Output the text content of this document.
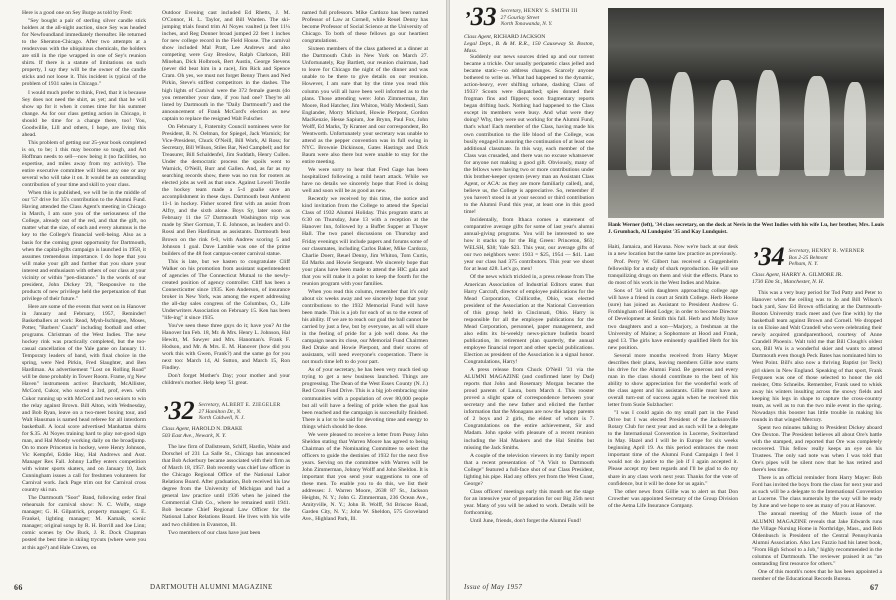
Here is a good one on Sey Burge as told by Fred:

"Sey bought a pair of sterling silver candle stick holders at the all-night auction, since Sey was headed for Newfoundland immediately thereafter. He returned to the Sheraton-Chicago. After two attempts at a rendezvous with the ubiquitous chemicals, the holders are still in the ripe wrapped in one of Sey's reunion shirts. If there is a statute of limitations on such property, I say they will be the owner of the candle sticks and not loose it. This incident is typical of the problem of 1931 sales in Chicago."

I would much prefer to think, Fred, that it is because Sey does not need the shirt, as yet; and that he will show up for it when it comes time for his summer change. As for our class getting action in Chicago, it should be time for a change there, too! You, Goodwillie, Lill and others, I hope, are living this ahead.

This problem of getting our 25-year book completed is on, to be; 1 this may become so tough, and Art Hoffman needs to sell—now being it (no facilities, no expertise, and miles away from my activity). The entire executive committee will bless any one or any several who will take it on. It would be an outstanding contribution of your time and skill to your class.

When this is published, we will be in the middle of our '57 drive for 35's contribution to the Alumni Fund. Having attended the Class Agent's meeting in Chicago in March, I am sure you of the seriousness of the College, already out of the red, and that the gift, no matter what the size, of each and every alumnus is the key to the College's financial well-being. Also as a basis for the coming great opportunity for Dartmouth, when the capital-gifts campaign is launched in 1958, it assumes tremendous importance. I do hope that you will make your gift and further that you share your interest and enthusiasm with others of our class at your vicinity or within "pen-distance." In the words of our president, John Dickey '29, "Responsive to the products of new privilege held the perpetuation of that privilege of their future."

Here are some of the events that went on in Hanover in January and February, 1957, Reminder! Basketballers at work: Read, Mysh-Ischingen, Moses, Potter, "Barbers' Coach" including football and other programs. Christman of the West Indies. The new hockey rink was practically completed, but the too-casual cancellation of the Yale game on January 11. Temporary leaders of band, with final choice in the spring, were Ned Pirkin, Fred Slaughter, and Ben Hardiman. As advertisement "Lost on Rolling Road" will be done probably in Tower Room. Frame, n'g New Haven" instruments active: Burchardt, McAllister, McCord, Cukor, who scored a 3rd, prof, even. with Cukor running up with McCord and two seniors to win the relay against Brown. Bill Alton, with Wednesday, and Bob Ryan, leave on a two-meet boxing tour, and Walt Hausman is named head referee for all interdorm basketball. A local score advertised Manhattan shirts for $.35. Al Noyes training hard to play not-good sign man, and Hal Moody working daily on the broadjump. On to more Princeton in hockey, were Henry Johnson, Vic Kempfel, Eddie Hay, Hal Andrews and Asst. Manager Rex Fall. Johnny Laffey enters competition with winter sports skaters, and on January 10, Jack Cunningham issues a call for freshmen volunteers for Carnival work. Jack Page trim out for Carnival cross country ski run.

The Dartmouth "Soot" Band, following order final rehearsals for carnival show: N. C. Wolfe, stage manager; G. H. Gilpatrick, property manager; G. E. Frankel, lighting manager; M. Kamaik, scenic manager; original songs by R. H. Borrill and Joe Linn; comic scenes by Ow Buck, J. R. Dock Chapman posted the best time in skiing trycuts (where were you at this age?) and Hale Craven, on

Outdoor Evening cast included Ed Rhetts, J. M. O'Connor, H. L. Taylor, and Bill Warden. The ski-jumping trials found trim Al Noyes vaulted (a feet 11¼ inches, and Reg Donner broad jumped 22 feet 1 inches for new college record in the Field House. The carnival show included Mal Pratt, Lee Andrews and also competing were Guy Breslow, Ralph Clarkson, Bill Minehan, Dick Holbrook, Bert Austin, George Stevens (never did beat him in a race), Jim Rick and Spence Cram. Oh yes, we must not forget Benny Thers and Ned Pirkin, Steve's stiffest competitors in the dashes. The high lights of Carnival were the 372 female guests (do you remember your date, if you had one? They're all listed by Dartmouth in the "Daily Dartmouth") and the announcement of Frank McCord's election as new captain to replace the resigned Walt Fulscher.

On February 1, Fraternity Council nominees were for President, R. N. Oelman, for Spiegel, Jack Warnick; for Vice-President, Chuck O'Neill, Bill Work, Al Ross; for Secretary, Bill Wilson, Stiles Bar, Ned Campbell; and for Treasurer, Bill Schaldenfel, Jim Suddath, Henry Cullen. Under the democratic process the spoils went to Warnick, O'Neill, Burr and Gallen. And, as far as my searching records show, there was no run for rooters as elected jobs as well as that once. Against Lowell Textile the hockey team made a 5-4 goalie save an accomplishment in these days. Dartmouth beat Amherst 11-1 in hockey. Fisher scored first with an assist from Alfry, and the sixth alone. Boys Sy, later soon as February 11 the 57 Dartmouth Washington trip was made by Sher Gorman, T. E. Johnson, as leaders and O. Rossi and Ben Hardiman as assistants. Dartmouth beat Brown on the rink 6-0, with Andrew scoring 5 and Johnson 1 goal. Dave Lambie was one of the prime builders of the 48 foot campus-center carnival statue.

This is late, but we hasten to congratulate Cliff Walker on his promotion from assistant superintendent of agencies of The Connecticut Mutual to the newly-created position of agency controller. Cliff has been a Connecticutter since 1935. Ken Anderson, of insurance broker in New York, was among the expert addressing the all-day sales congress of the Columbus, O., Life Underwriters Association on February 15. Ken has been "life-ing" it since 1935.

You've seen these three guys do it; have you? At the Hanover Inn Feb. 18, Mr. & Mrs. Henry L. Johnson, Hal Hewitt, M. Sawyer and Mrs. Hanoman's. Frank F. Hodson, and Mr. & Mrs. E. M. Hanover (how did you work this with Gwen, Frank?) and the same go for you next too: March 14, Al Sutton, and March 15, Ron Findley.

Don't forget Mother's Day; your mother and your children's mother. Help keep '51 great.

’32 Secretary, ALBERT E. ZIEGELER
27 Hamilton Dr., N.
North Caldwell, N. J.
Class Agent, HAROLD N. DRAKE
503 East Ave., Newark, N. Y.

The law firm of Dallstream, Schiff, Hardin, Waite and Dorschel of 231 La Salle St., Chicago has announced that Bob Ackerbury became associated with their firm as of March 18, 1957. Bob recently was chief law officer in the Chicago Regional Office of the National Labor Relations Board. After graduation, Bob received his law degree from the University of Michigan and had a general law practice until 1936 when he joined the Commercial Club Co., where he remained until 1941. Bob became Chief Regional Law Officer for the National Labor Relations Board. He lives with his wife and two children in Evanston, Ill.

Two members of our class have just been

named full professors. Mike Cardozo has been named Professor of Law at Cornell, while Reuel Denny has become Professor of Social Science at the University of Chicago. To both of these fellows go our heartiest congratulations.

Sixteen members of the class gathered at a dinner at the Dartmouth Club in New York on March 27. Unfortunately, Ray Bartlett, our reunion chairman, had to leave for Chicago the night of the dinner and was unable to be there to give details on our reunion. However, I am sure that by the time you read this column you will all have been well informed as to the plans. Those attending were: John Zimmerman, Jim Moore, Rod Hatcher, Jim Whiton, Wally Modestil, Sam Englander, Morry Michard, Howie Pierpont, Gordon MacKenzie, Hesse Sapium, Joe Brynn, Paul Fox, John Wolff, Ed Marks, Ty Kramer and our correspondent, Bo Wentworth. Unfortunately your secretary was unable to attend as the pepper convention was in full swing in NYC. Brownie Dickinson, Gates Hastings and Dick Baum were also there but were unable to stay for the entire meeting.

We were sorry to hear that Fred Gage has been hospitalized following a mild heart attack. While we have no details we sincerely hope that Fred is doing well and soon will be as good as new.

Recently we received by this time, the notice and kind invitation from the College to attend the Special Class of 1932 Alumni Holiday. This program starts at 6:30 on Thursday, June 13 with a reception at the Hanover Inn, followed by a Buffet Supper at Thayer Hall. The two panel discussions on Thursday and Friday evenings will include papers and forums some of our classmates, including Carlos Baker, Mike Cardozo, Charlie Doerr, Reuel Denny, Jim Whiton, Tom Curtis, Ed Marks and Howie Sergeant. We sincerely hope that your plans have been made to attend the HIC gala and that you will make it a point to keep the fourth for the reunion program with your families.

When you read this column, remember that it's only about six weeks away and we sincerely hope that your contributions to the 1932 Memorial Fund will have been made. This is a job for each of us to the extent of his ability. If we are to reach our goal the ball cannot be carried by just a few, but by everyone, as all will share in the feeling of pride for a job well done. As the campaign nears its close, our Memorial Fund Chairmen Red Drake and Howie Pierpont, and their scores of assistants, will need everyone's cooperation. There is not much time left to do your part.

As of your secretary, he has been very much tied up trying to get a new business launched. Things are progressing. The Dean of the West Essex County (N. J.) Red Cross Fund Drive. This is a big job embracing nine communities with a population of over 80,000 people but all will have a feeling of pride when the goal has been reached and the campaign is successfully finished. There is a lot to be said for devoting time and energy to things which should be done.

We were pleased to receive a letter from Pussy John Sheldon stating that Warren Moore has agreed to being Chairman of the Nominating Committee to select the officers to guide the destinies of 1932 for the next five years. Serving on the committee with Warren will be John Zimmerman, Johnny Wolff and John Sheldon. It is important that you send your suggestions to one of these men. To enable you to do this, we list their addresses: J. Warren Moore, 2638 87 St., Jackson Heights, N. Y.; John G. Zimmerman, 236 Ocean Ave., Amityville, N. Y.; John B. Wolff, 94 Briscoe Road, Garden City, N. Y.; John W. Sheldon, 575 Groveland Ave., Highland Park, Ill.

66	DARTMOUTH ALUMNI MAGAZINE
’33 Secretary, HENRY S. SMITH III
27 Gourlay Street
North Tonawanda, N. Y.
Class Agent, RICHARD JACKSON
Legal Dept., B. & M. R.R., 150 Causeway St. Boston, Mass.

Suddenly our news sources dried up and our torrent became a trickle. Our usually peripatetic class jelled and became static—no address changes. Scarcely anyone bothered to write us. What had happened to the dynamic, action-heavy, ever shifting urbane, dashing Class of 1933? Scouts were dispatched; spies donned their frogman fins and flippers; soon fragmentary reports began drifting back. Nothing had happened to the Class except its members were busy. And what were they doing? Why, they were out working for the Alumni Fund, that's what! Each member of the Class, having made his own contribution to the life blood of the College, was busily engaged in assuring the continuation of at least one additional classmate. In this way, each member of the Class was crusaded, and there was no excuse whatsoever for anyone not making a good gift. Obviously, many of the fellows were having two or more contributions under this brother-keeper system (every man an Assistant Class Agent, or ACA: as they are more familiarly called), and, believe us, the College is appreciative. So, remember if you haven't stood in at your second or third contribution to the Alumni Fund this year, at least one in this good time!

Incidentally, from Ithaca comes a statement of comparative average gifts for some of last year's alumni annual-giving programs. You will be interested to see how it stacks up for the Big Green: Princeton, $63; WELSH, $38; Yale $23. This year, our average gifts of our two neighbors were: 1933 = $25, 1954 — $41. Last year our class had 375 contributors. This year we shoot for at least 428. Let's go, men!

Of the news which trickled in, a press release from The American Association of Industrial Editors states that Harry Carcraft, director of employee publications for the Mead Corporation, Chillicothe, Ohio, was elected president of the Association at the National Convention of this group held in Cincinnati, Ohio. Harry is responsible for all the employee publications for the Mead Corporation, personnel, paper management, and also edits its bi-weekly news-picture bulletin board publication, its retirement plan quarterly, the annual employee financial report and other special publications. Election as president of the Association is a signal honor. Congratulations, Harry!

A press release from Chuck O'Neill '31 via the ALUMNI MAGAZINE (and confirmed later by Dad) reports that John and Rosemary Morgan became the proud parents of Laura, born March 4. This rooster proved a slight spate of correspondence between your secretary and the new father and elicited the further information that the Monagans are now the happy parents of 2 boys and 2 girls, the eldest of whom is 7. Congratulations on the entire achievement, Sir and Madam. John spoke with pleasure of a recent reunion including the Hal Maskers and the Hal Smiths but missing the Jack Smiths.

A couple of the television viewers in my family report that a recent presentation of "A Visit to Dartmouth College" featured a full-face shot of our Class President, lighting his pipe. Had any offers yet from the West Coast, George?

Class officers' meetings early this month set the stage for an intensive year of preparation for our Big 25th next year. Many of you will be asked to work. Details will be forthcoming.

Until June, friends, don't forget the Alumni Fund!

Hank Werner (left), '34 class secretary, on the dock at Nevis in the West Indies with his wife Lu, her brother, Mrs. Louis J. Grumbach, Al Lundquist '35 and Kay Lundquist.

Haiti, Jamaica, and Havana. Now we're back at our desk in a new location but the same law practice as previously.

Prof. Perry W. Gilbert has received a Guggenheim fellowship for a study of shark reproduction. He will use tranquilizing drugs on them and visit the effects. Plans to do most of his work in the West Indies and Maine.

Sons of '34 with daughters approaching college age will have a friend in court at Smith College. Herb Hoene (sure) has joined as Assistant to President Andrew G. Frothingham of Head Lodge; in order to become Director of Development at Smith this fall. Herb and Molly have two daughters and a son—Marjory, a freshman at the University of Maine; a Sophomore at Hood and Frank, aged 13. The girls have eminently qualified Herb for his new position.

Several more months received from Harry Mayer describes their plans, leaving members Gillie now starts his drive for the Alumni Fund. Be generous and every man in the class should contribute to the best of his ability to show appreciation for the wonderful work of the class agent and his assistants. Gillie must have an overall turn-out of success again when he received this letter from Susie Sulzbacher:

"I was I could again do my small part in the Fund Drive but I was elected President of the Jacksonville Rotary Club for next year and as such will be a delegate to the International Convention in Lucerne, Switzerland in May. Hazel and I will be in Europe for six weeks beginning April 19. As this period embraces the most important time of the Alumni Fund Campaign I feel I would not do justice to the job if I again accepted it. Please accept my best regards and I'll be glad to do my share in any class work next year. Thanks for the vote of confidence, but it will be done for us again."

The other news from Gillie was to alert us that Don Crowther was appointed Secretary of the Group Division of the Aetna Life Insurance Company.

’34 Secretary, HENRY R. WERNER
Box 2-25 Belmont
Pelham, N. Y.
Class Agent, HARRY A. GILMORE JR.
1730 Elm St., Manchester, N. H.

This was a very busy period for Tod Patty and Peter to Hanover when the ceiling was to Jo and Bill Wilson's back yard, Saw Ed Brown officiating at the Dartmouth-Boston University track meet and (we fine with) by the basketball team against Brown and Cornell. We dropped in on Eloise and Walt Crandell who were celebrating their newly acquired grandparenthood, courtesy of Anne Crandell Phoenix. Walt told me that Bill Clough's oldest son, Bill Wu is a wonderful skier and wants to attend Dartmouth even though Peck Bates has nominated him to West Point. Bill's also now a thriving Baptist (or Teck) girl skiers in New England. Speaking of that sport, Frank Fergusen was one of those selected to honor the old meister, Otto Schneibs. Remember, Frank used to whisk away his winters insulting across the snowy fields and keeping his legs in shape to capture the cross-country team, as well as to run the two mile event in the spring. Nowadays this booster has little trouble in making his rounds in that winged Mercury.

Spent two minutes talking to President Dickey aboard Ore Dexton. The President believes all about Ore's battle with the stamped, and reported that Ore was completely recovered. This fellow really keeps an eye on his Trustees. The only sad note was when I was told that Ore's pipes will be silent now that he has retired and there's less time.

There is an official reminder from Harry Mayer: Bob Ford has invited the boys from the class for next year and as such will be a delegate to the International Convention at Lucerne. The class numerals by the way will be ready by June and we hope to see as many of you at Hanover.

The annual meeting of the March issue of the ALUMNI MAGAZINE reveals that Jake Edwards runs the Village Nursing Home in Northridge, Mass., and Bob Oldenbusch is President of the Central Pennsylvania Alumni Association. Also Lex Fazzio had his latest book, "From High School to a Job," highly recommended in the columns of Dartmouth. The reviewer praised it as "an outstanding first resource for others."

One of this month's notes that he has been appointed a member of the Educational Records Bureau.

Issue of May 1957	67
